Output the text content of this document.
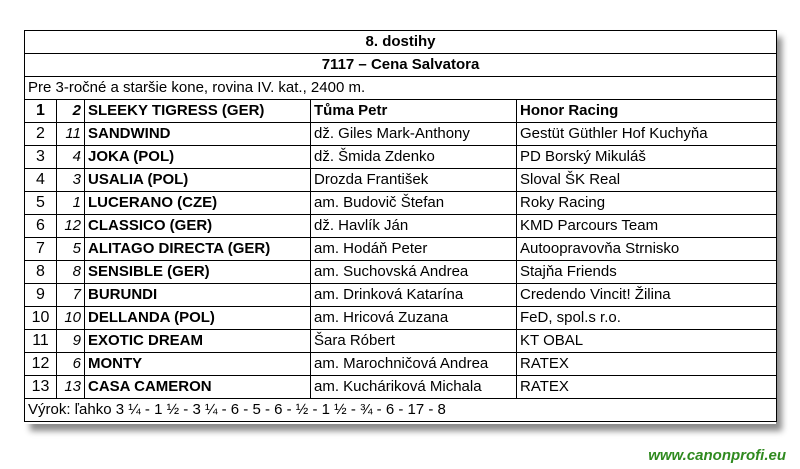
8. dostihy				
7117 – Cena Salvatora				
Pre 3-ročné a staršie kone, rovina IV. kat., 2400 m.				
1	2	SLEEKY TIGRESS (GER)	Tůma Petr	Honor Racing
2	11	SANDWIND	dž. Giles Mark-Anthony	Gestüt Güthler Hof Kuchyňa
3	4	JOKA (POL)	dž. Šmida Zdenko	PD Borský Mikuláš
4	3	USALIA (POL)	Drozda František	Sloval ŠK Real
5	1	LUCERANO (CZE)	am. Budovič Štefan	Roky Racing
6	12	CLASSICO (GER)	dž. Havlík Ján	KMD Parcours Team
7	5	ALITAGO DIRECTA (GER)	am. Hodáň Peter	Autoopravovňa Strnisko
8	8	SENSIBLE (GER)	am. Suchovská Andrea	Stajňa Friends
9	7	BURUNDI	am. Drinková Katarína	Credendo Vincit! Žilina
10	10	DELLANDA (POL)	am. Hricová Zuzana	FeD, spol.s r.o.
11	9	EXOTIC DREAM	Šara Róbert	KT OBAL
12	6	MONTY	am. Marochničová Andrea	RATEX
13	13	CASA CAMERON	am. Kucháriková Michala	RATEX
Výrok: ľahko 3 ¼ - 1 ½ - 3 ¼ - 6 - 5 - 6 - ½ - 1 ½ - ¾ - 6 - 17 - 8				
www.canonprofi.eu
